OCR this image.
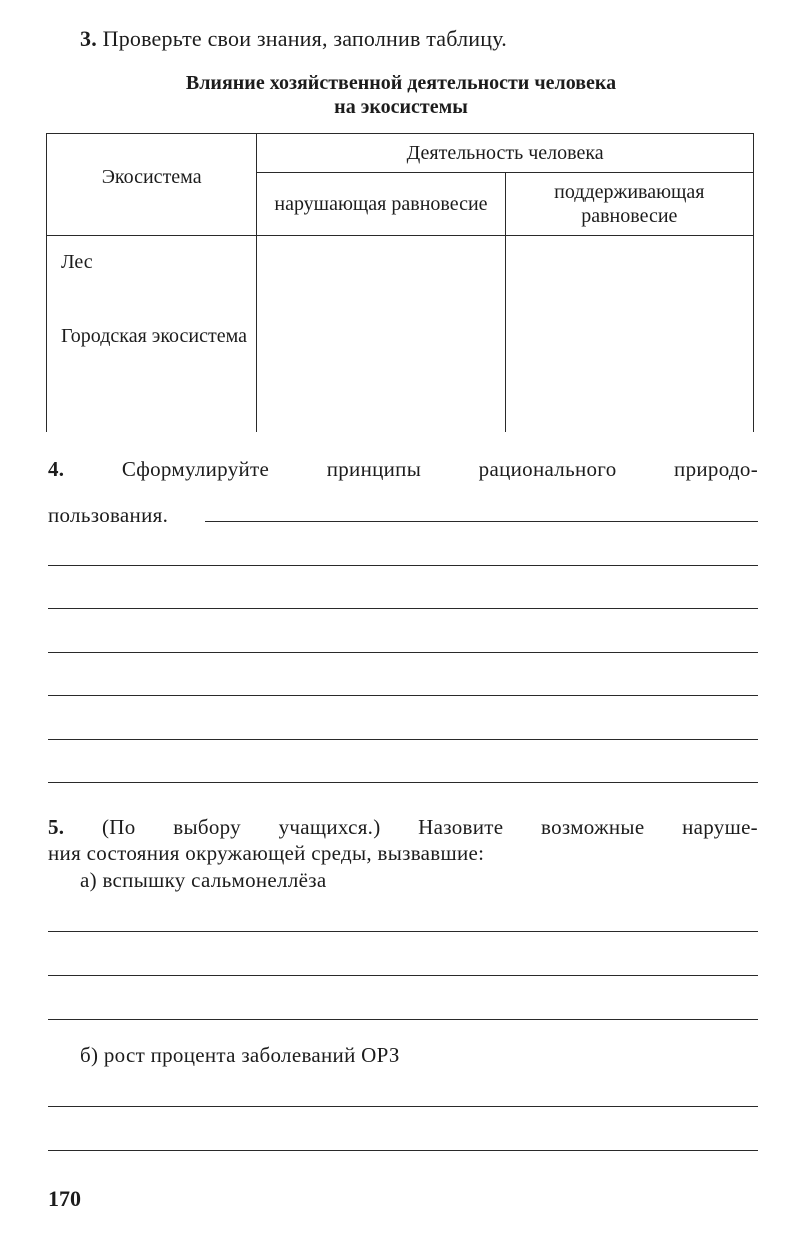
3. Проверьте свои знания, заполнив таблицу.
Влияние хозяйственной деятельности человека
на экосистемы
Экосистема	Деятельность человека	
	нарушающая равновесие	поддерживающая равновесие

Лес
Городская экосистема		

4.	Сформулируйте принципы рационального природо-
пользования.
5. (По выбору учащихся.) Назовите возможные наруше-
ния состояния окружающей среды, вызвавшие:
а) вспышку сальмонеллёза
б) рост процента заболеваний ОРЗ
170
